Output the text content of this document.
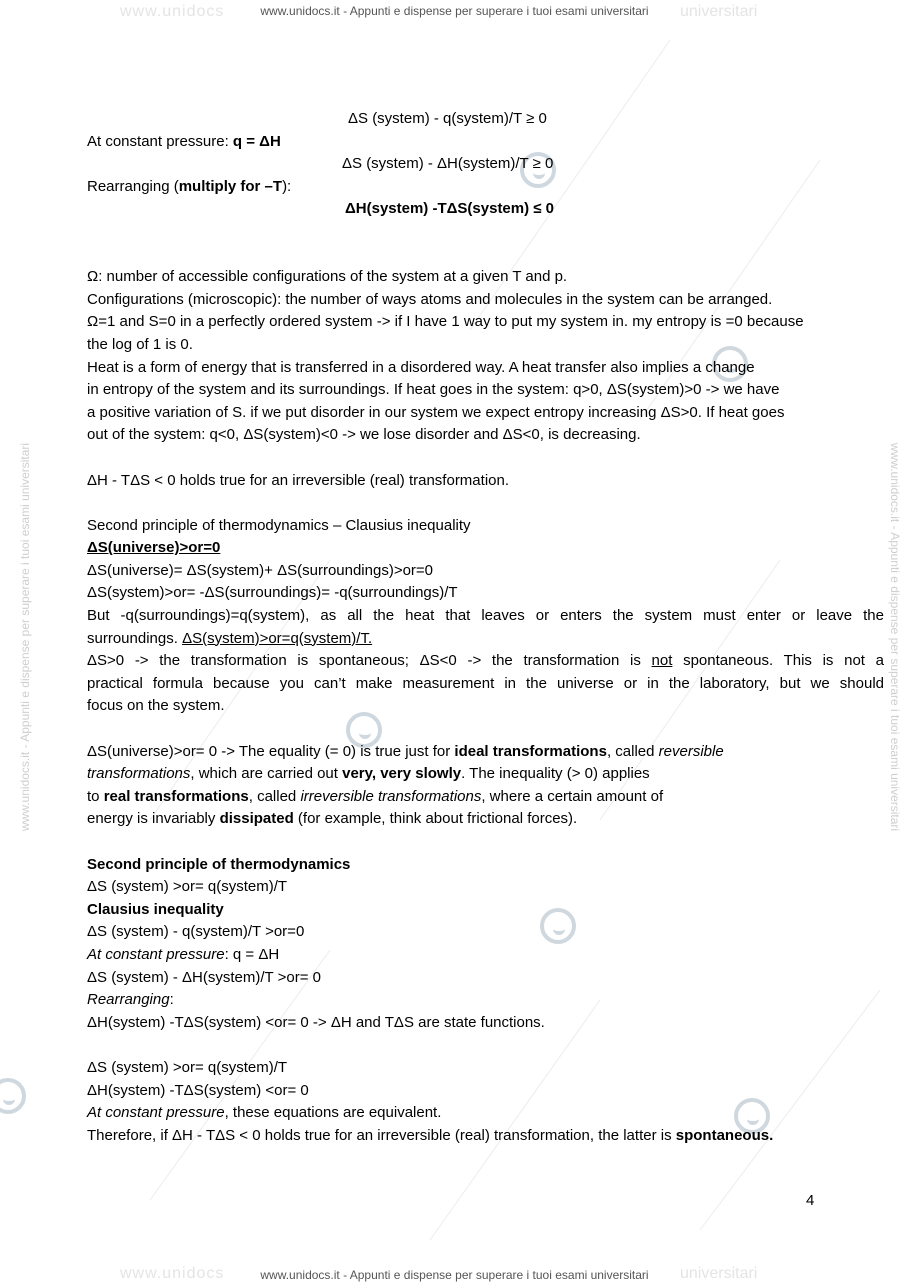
www.unidocs	universitari
www.unidocs	universitari
www.unidocs.it - Appunti e dispense per superare i tuoi esami universitari
www.unidocs.it - Appunti e dispense per superare i tuoi esami universitari
www.unidocs.it - Appunti e dispense per superare i tuoi esami universitari	www.unidocs.it - Appunti e dispense per superare i tuoi esami universitari
ΔS (system) - q(system)/T ≥ 0
At constant pressure: q = ΔH
ΔS (system) - ΔH(system)/T ≥ 0
Rearranging (multiply for –T):
ΔH(system) -TΔS(system) ≤ 0
Ω: number of accessible configurations of the system at a given T and p.
Configurations (microscopic): the number of ways atoms and molecules in the system can be arranged.
Ω=1 and S=0 in a perfectly ordered system -> if I have 1 way to put my system in. my entropy is =0 because
the log of 1 is 0.
Heat is a form of energy that is transferred in a disordered way. A heat transfer also implies a change
in entropy of the system and its surroundings. If heat goes in the system: q>0, ΔS(system)>0 -> we have
a positive variation of S. if we put disorder in our system we expect entropy increasing ΔS>0. If heat goes
out of the system: q<0, ΔS(system)<0 -> we lose disorder and ΔS<0, is decreasing.
ΔH - TΔS < 0 holds true for an irreversible (real) transformation.
Second principle of thermodynamics – Clausius inequality
ΔS(universe)>or=0
ΔS(universe)= ΔS(system)+ ΔS(surroundings)>or=0
ΔS(system)>or= -ΔS(surroundings)= -q(surroundings)/T
But -q(surroundings)=q(system), as all the heat that leaves or enters the system must enter or leave the
surroundings. ΔS(system)>or=q(system)/T.
ΔS>0 -> the transformation is spontaneous; ΔS<0 -> the transformation is not spontaneous. This is not a
practical formula because you can’t make measurement in the universe or in the laboratory, but we should
focus on the system.
ΔS(universe)>or= 0 -> The equality (= 0) is true just for ideal transformations, called reversible
transformations, which are carried out very, very slowly. The inequality (> 0) applies
to real transformations, called irreversible transformations, where a certain amount of
energy is invariably dissipated (for example, think about frictional forces).
Second principle of thermodynamics
ΔS (system) >or= q(system)/T
Clausius inequality
ΔS (system) - q(system)/T >or=0
At constant pressure: q = ΔH
ΔS (system) - ΔH(system)/T >or= 0
Rearranging:
ΔH(system) -TΔS(system) <or= 0 -> ΔH and TΔS are state functions.
ΔS (system) >or= q(system)/T
ΔH(system) -TΔS(system) <or= 0
At constant pressure, these equations are equivalent.
Therefore, if ΔH - TΔS < 0 holds true for an irreversible (real) transformation, the latter is spontaneous.
4
